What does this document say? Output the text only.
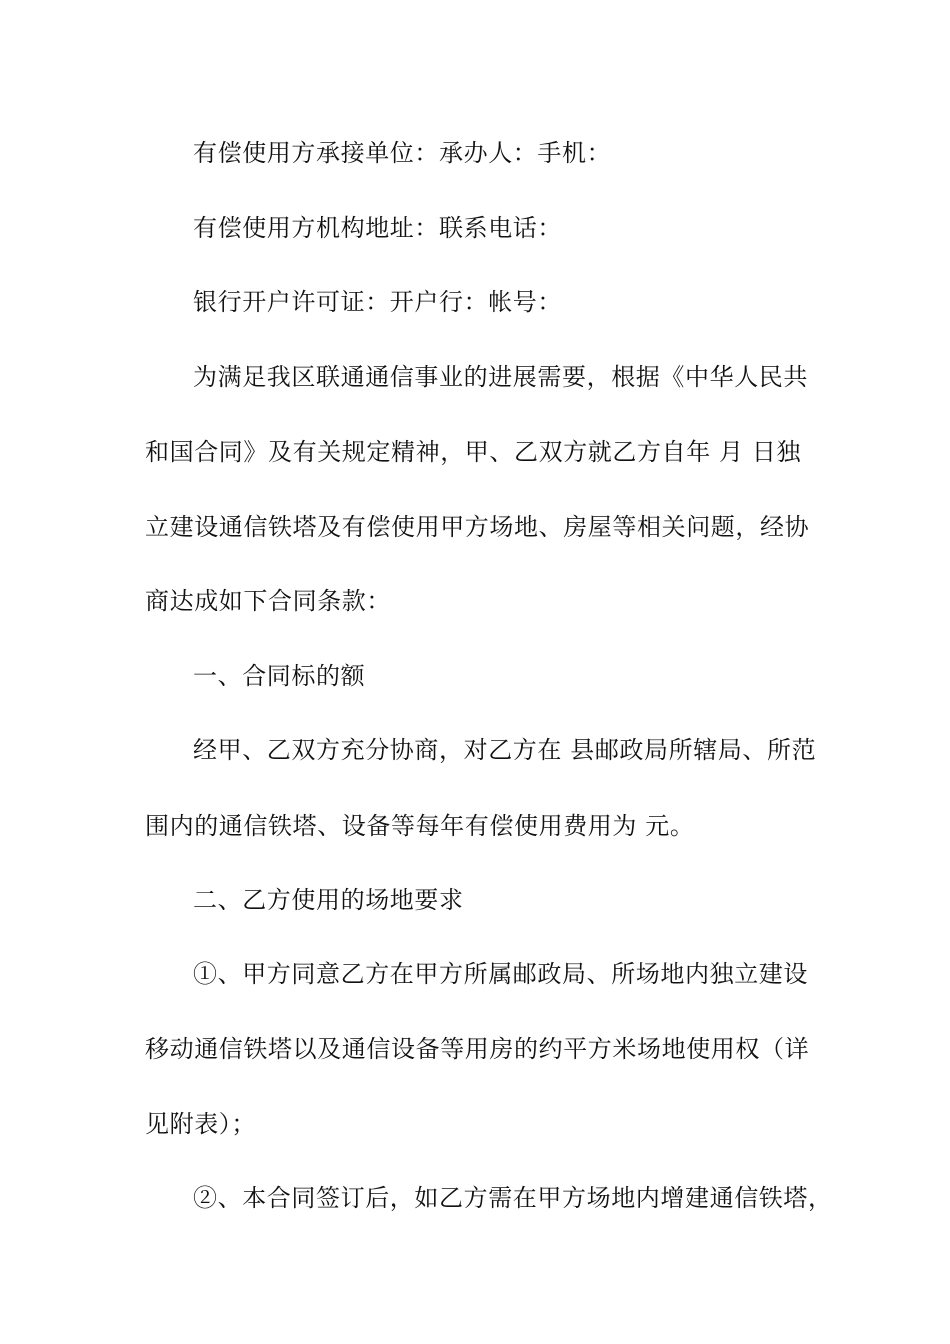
有偿使用方承接单位：承办人：手机：
有偿使用方机构地址：联系电话：
银行开户许可证：开户行：帐号：
为满足我区联通通信事业的进展需要，根据《中华人民共
和国合同》及有关规定精神，甲、乙双方就乙方自年 月 日独
立建设通信铁塔及有偿使用甲方场地、房屋等相关问题，经协
商达成如下合同条款：
一、合同标的额
经甲、乙双方充分协商，对乙方在 县邮政局所辖局、所范
围内的通信铁塔、设备等每年有偿使用费用为 元。
二、乙方使用的场地要求
①、甲方同意乙方在甲方所属邮政局、所场地内独立建设
移动通信铁塔以及通信设备等用房的约平方米场地使用权（详
见附表）；
②、本合同签订后，如乙方需在甲方场地内增建通信铁塔，
